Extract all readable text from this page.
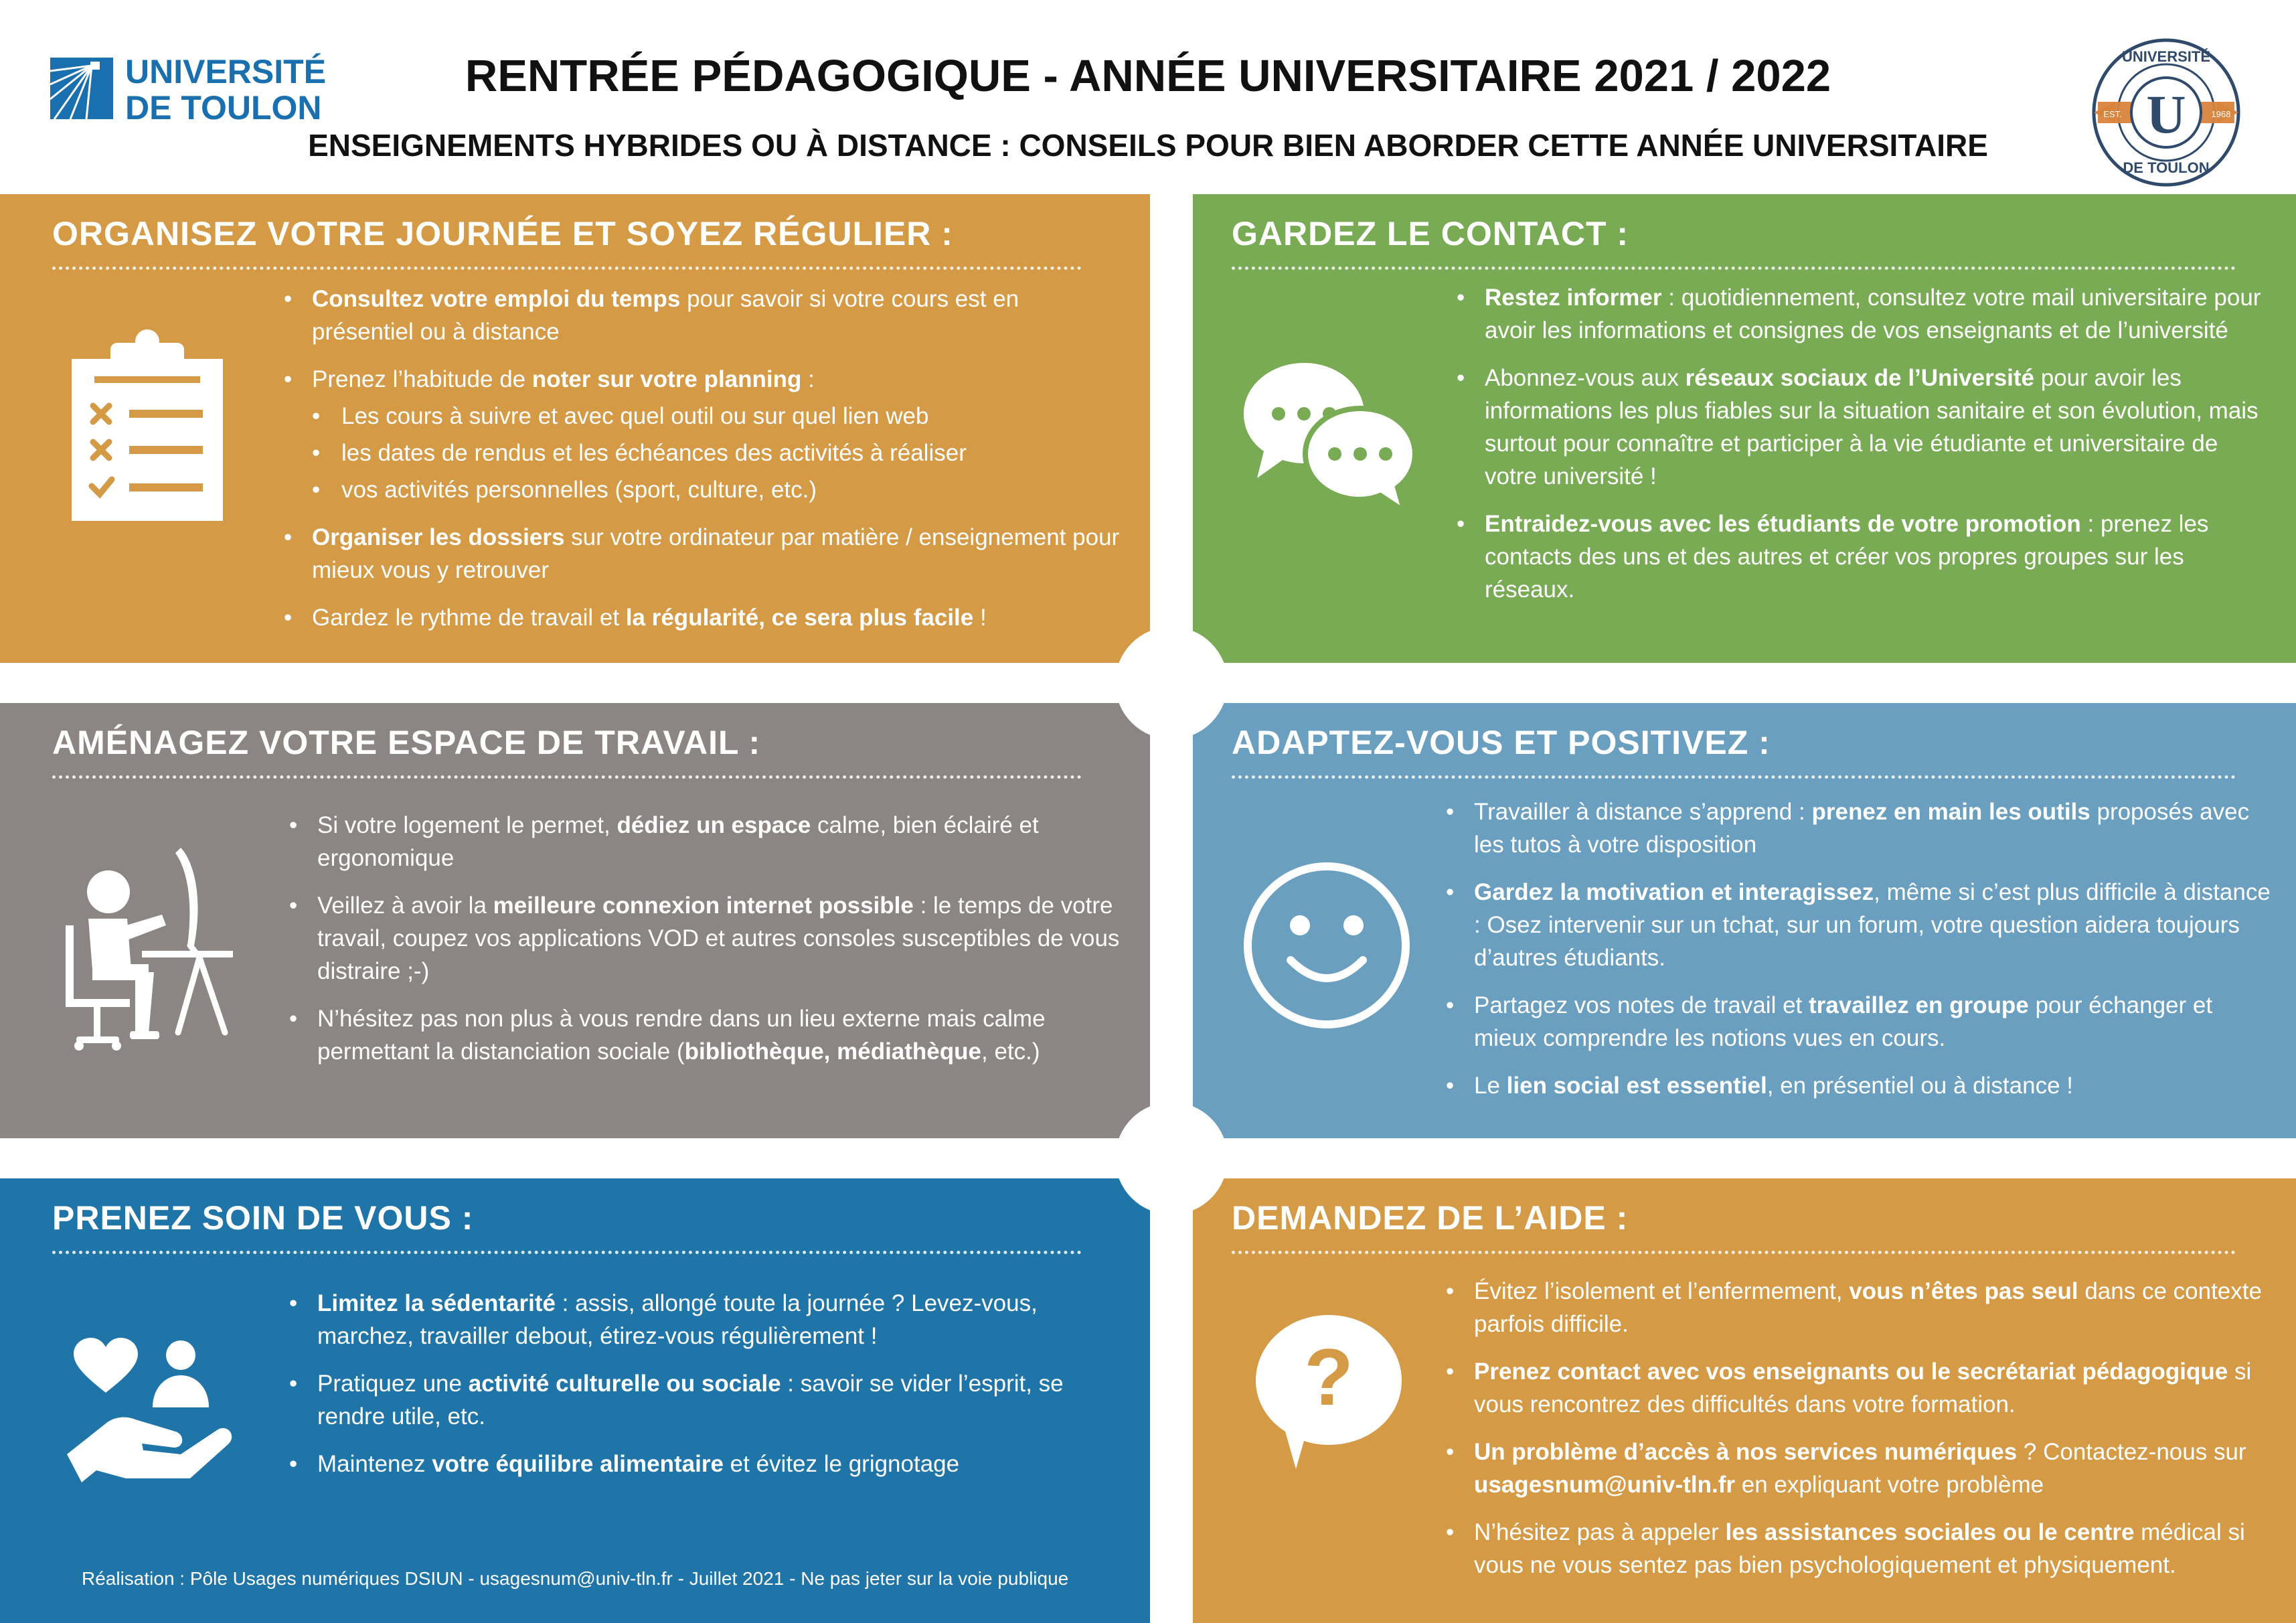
UNIVERSITÉ
DE TOULON
RENTRÉE PÉDAGOGIQUE - ANNÉE UNIVERSITAIRE 2021 / 2022
ENSEIGNEMENTS HYBRIDES OU À DISTANCE : CONSEILS POUR BIEN ABORDER CETTE ANNÉE UNIVERSITAIRE
U
UNIVERSITÉ
DE TOULON
EST.	1968
ORGANISEZ VOTRE JOURNÉE ET SOYEZ RÉGULIER :
• Consultez votre emploi du temps pour savoir si votre cours est en présentiel ou à distance
• Prenez l’habitude de noter sur votre planning :
• Les cours à suivre et avec quel outil ou sur quel lien web
• les dates de rendus et les échéances des activités à réaliser
• vos activités personnelles (sport, culture, etc.)
• Organiser les dossiers sur votre ordinateur par matière / enseignement pour mieux vous y retrouver
• Gardez le rythme de travail et la régularité, ce sera plus facile !
GARDEZ LE CONTACT :
• Restez informer : quotidiennement, consultez votre mail universitaire pour avoir les informations et consignes de vos enseignants et de l’université
• Abonnez-vous aux réseaux sociaux de l’Université pour avoir les informations les plus fiables sur la situation sanitaire et son évolution, mais surtout pour connaître et participer à la vie étudiante et universitaire de votre université !
• Entraidez-vous avec les étudiants de votre promotion : prenez les contacts des uns et des autres et créer vos propres groupes sur les réseaux.
AMÉNAGEZ VOTRE ESPACE DE TRAVAIL :
• Si votre logement le permet, dédiez un espace calme, bien éclairé et ergonomique
• Veillez à avoir la meilleure connexion internet possible : le temps de votre travail, coupez vos applications VOD et autres consoles susceptibles de vous distraire ;-)
• N’hésitez pas non plus à vous rendre dans un lieu externe mais calme permettant la distanciation sociale (bibliothèque, médiathèque, etc.)
ADAPTEZ-VOUS ET POSITIVEZ :
• Travailler à distance s’apprend : prenez en main les outils proposés avec les tutos à votre disposition
• Gardez la motivation et interagissez, même si c’est plus difficile à distance : Osez intervenir sur un tchat, sur un forum, votre question aidera toujours d’autres étudiants.
• Partagez vos notes de travail et travaillez en groupe pour échanger et mieux comprendre les notions vues en cours.
• Le lien social est essentiel, en présentiel ou à distance !
PRENEZ SOIN DE VOUS :
• Limitez la sédentarité : assis, allongé toute la journée ? Levez-vous, marchez, travailler debout, étirez-vous régulièrement !
• Pratiquez une activité culturelle ou sociale : savoir se vider l’esprit, se rendre utile, etc.
• Maintenez votre équilibre alimentaire et évitez le grignotage
DEMANDEZ DE L’AIDE :
?
• Évitez l’isolement et l’enfermement, vous n’êtes pas seul dans ce contexte parfois difficile.
• Prenez contact avec vos enseignants ou le secrétariat pédagogique si vous rencontrez des difficultés dans votre formation.
• Un problème d’accès à nos services numériques ? Contactez-nous sur usagesnum@univ-tln.fr en expliquant votre problème
• N’hésitez pas à appeler les assistances sociales ou le centre médical si vous ne vous sentez pas bien psychologiquement et physiquement.
Réalisation : Pôle Usages numériques DSIUN - usagesnum@univ-tln.fr - Juillet 2021 - Ne pas jeter sur la voie publique
